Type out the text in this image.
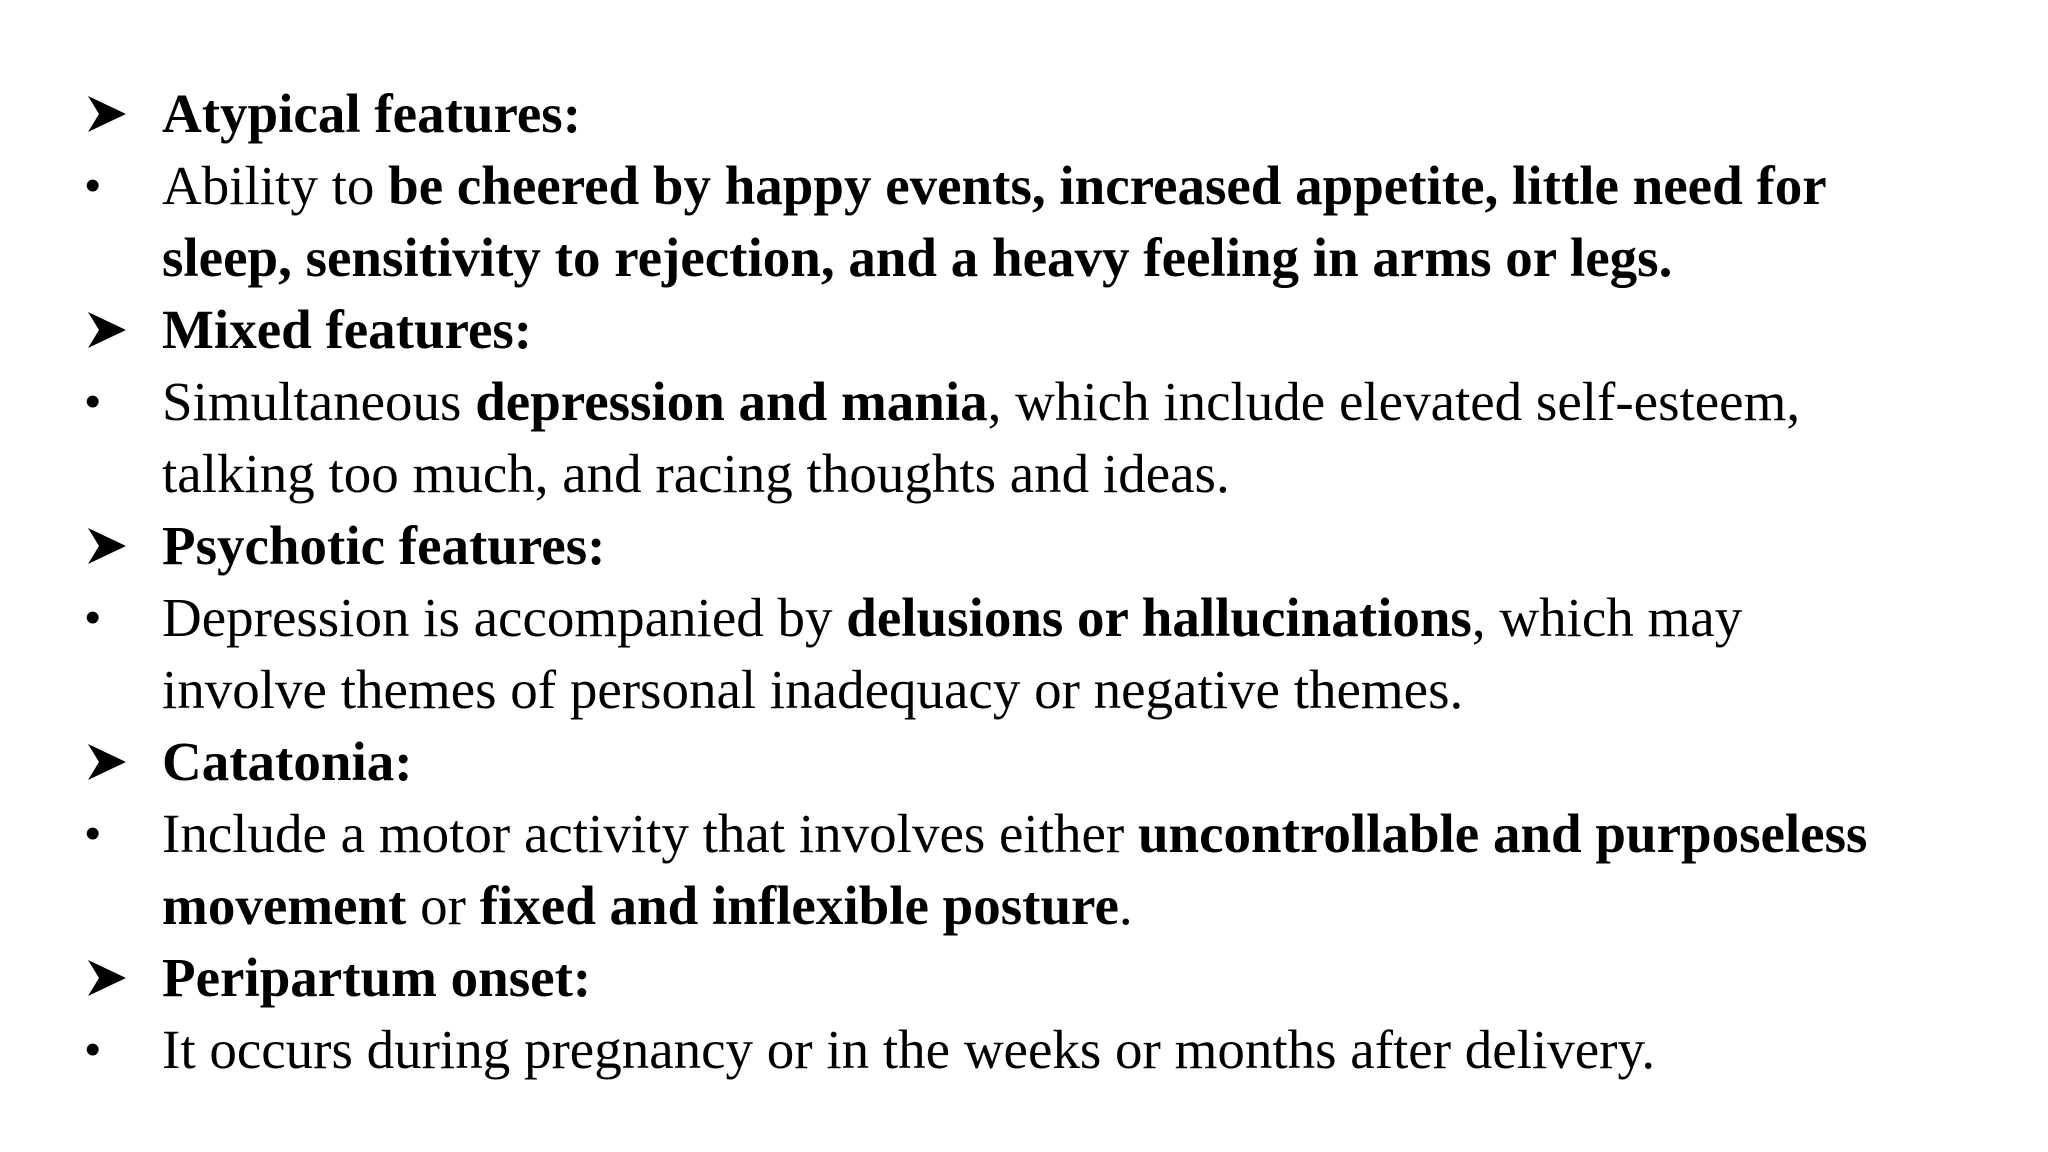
Atypical features:
•	Ability to be cheered by happy events, increased appetite, little need for
sleep, sensitivity to rejection, and a heavy feeling in arms or legs.
Mixed features:
•	Simultaneous depression and mania, which include elevated self-esteem,
talking too much, and racing thoughts and ideas.
Psychotic features:
•	Depression is accompanied by delusions or hallucinations, which may
involve themes of personal inadequacy or negative themes.
Catatonia:
•	Include a motor activity that involves either uncontrollable and purposeless
movement or fixed and inflexible posture.
Peripartum onset:
•	It occurs during pregnancy or in the weeks or months after delivery.
